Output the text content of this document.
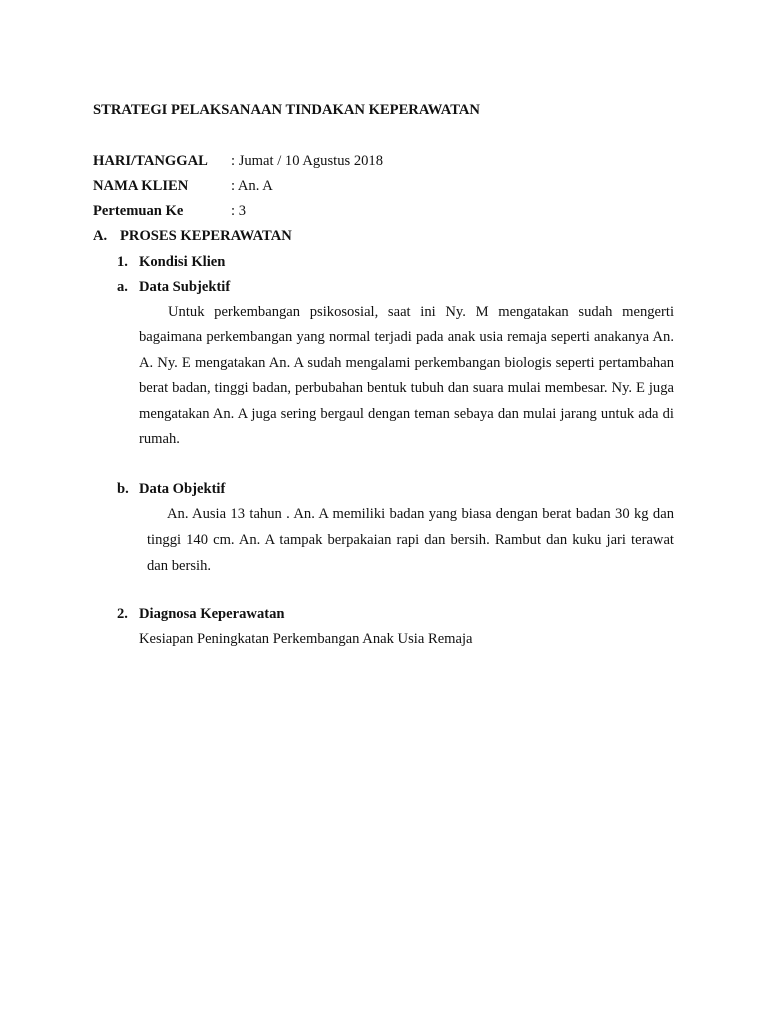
STRATEGI PELAKSANAAN TINDAKAN KEPERAWATAN
HARI/TANGGAL : Jumat / 10 Agustus 2018
NAMA KLIEN	: An. A
Pertemuan Ke	: 3
A. PROSES KEPERAWATAN
1. Kondisi Klien
a. Data Subjektif

Untuk perkembangan psikososial, saat ini Ny. M mengatakan sudah mengerti bagaimana perkembangan yang normal terjadi pada anak usia remaja seperti anakanya An. A. Ny. E mengatakan An. A sudah mengalami perkembangan biologis seperti pertambahan berat badan, tinggi badan, perbubahan bentuk tubuh dan suara mulai membesar. Ny. E juga mengatakan An. A juga sering bergaul dengan teman sebaya dan mulai jarang untuk ada di rumah.

b. Data Objektif

An. Ausia 13 tahun . An. A memiliki badan yang biasa dengan berat badan 30 kg dan tinggi 140 cm. An. A tampak berpakaian rapi dan bersih. Rambut dan kuku jari terawat dan bersih.

2. Diagnosa Keperawatan
Kesiapan Peningkatan Perkembangan Anak Usia Remaja
